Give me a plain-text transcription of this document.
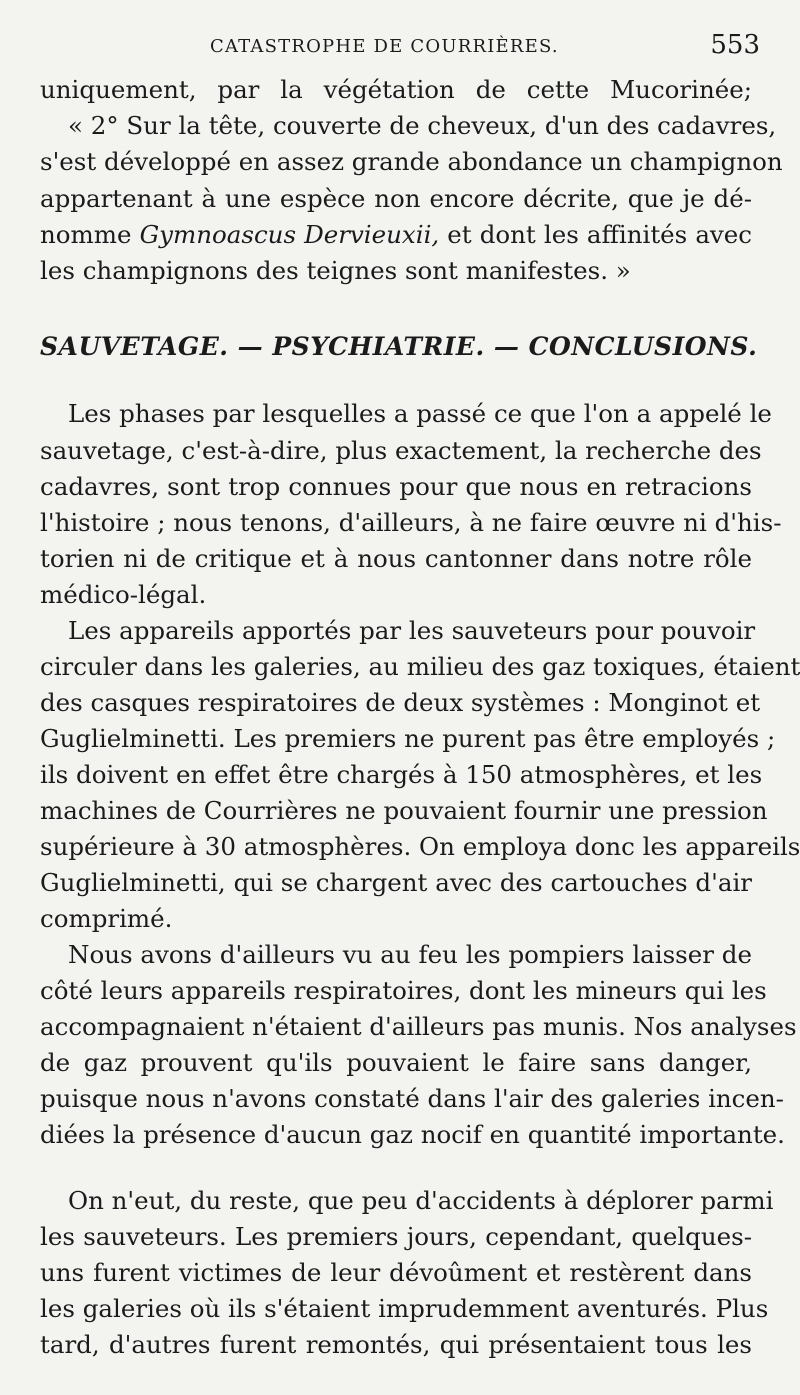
CATASTROPHE DE COURRIÈRES.	553
uniquement, par la végétation de cette Mucorinée;
« 2° Sur la tête, couverte de cheveux, d'un des cadavres,
s'est développé en assez grande abondance un champignon
appartenant à une espèce non encore décrite, que je dé-
nomme Gymnoascus Dervieuxii, et dont les affinités avec
les champignons des teignes sont manifestes. »
SAUVETAGE. — PSYCHIATRIE. — CONCLUSIONS.
Les phases par lesquelles a passé ce que l'on a appelé le
sauvetage, c'est-à-dire, plus exactement, la recherche des
cadavres, sont trop connues pour que nous en retracions
l'histoire ; nous tenons, d'ailleurs, à ne faire œuvre ni d'his-
torien ni de critique et à nous cantonner dans notre rôle
médico-légal.
Les appareils apportés par les sauveteurs pour pouvoir
circuler dans les galeries, au milieu des gaz toxiques, étaient
des casques respiratoires de deux systèmes : Monginot et
Guglielminetti. Les premiers ne purent pas être employés ;
ils doivent en effet être chargés à 150 atmosphères, et les
machines de Courrières ne pouvaient fournir une pression
supérieure à 30 atmosphères. On employa donc les appareils
Guglielminetti, qui se chargent avec des cartouches d'air
comprimé.
Nous avons d'ailleurs vu au feu les pompiers laisser de
côté leurs appareils respiratoires, dont les mineurs qui les
accompagnaient n'étaient d'ailleurs pas munis. Nos analyses
de gaz prouvent qu'ils pouvaient le faire sans danger,
puisque nous n'avons constaté dans l'air des galeries incen-
diées la présence d'aucun gaz nocif en quantité importante.
On n'eut, du reste, que peu d'accidents à déplorer parmi
les sauveteurs. Les premiers jours, cependant, quelques-
uns furent victimes de leur dévoûment et restèrent dans
les galeries où ils s'étaient imprudemment aventurés. Plus
tard, d'autres furent remontés, qui présentaient tous les
